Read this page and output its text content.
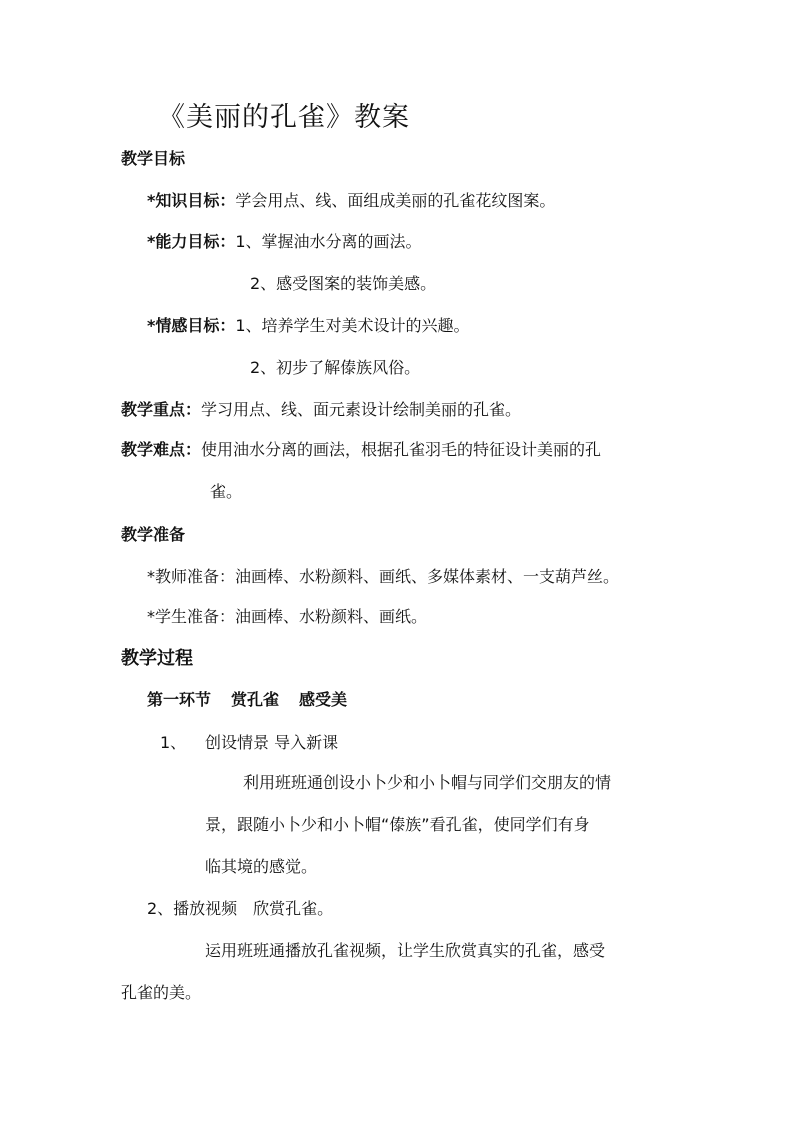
《美丽的孔雀》教案
教学目标
*知识目标：学会用点、线、面组成美丽的孔雀花纹图案。
*能力目标：1、掌握油水分离的画法。
2、感受图案的装饰美感。
*情感目标：1、培养学生对美术设计的兴趣。
2、初步了解傣族风俗。
教学重点：学习用点、线、面元素设计绘制美丽的孔雀。
教学难点：使用油水分离的画法，根据孔雀羽毛的特征设计美丽的孔
雀。
教学准备
*教师准备：油画棒、水粉颜料、画纸、多媒体素材、一支葫芦丝。
*学生准备：油画棒、水粉颜料、画纸。
教学过程
第一环节 赏孔雀 感受美
1、 创设情景 导入新课
利用班班通创设小卜少和小卜帽与同学们交朋友的情
景，跟随小卜少和小卜帽“傣族”看孔雀，使同学们有身
临其境的感觉。
2、播放视频　欣赏孔雀。
运用班班通播放孔雀视频，让学生欣赏真实的孔雀，感受
孔雀的美。
